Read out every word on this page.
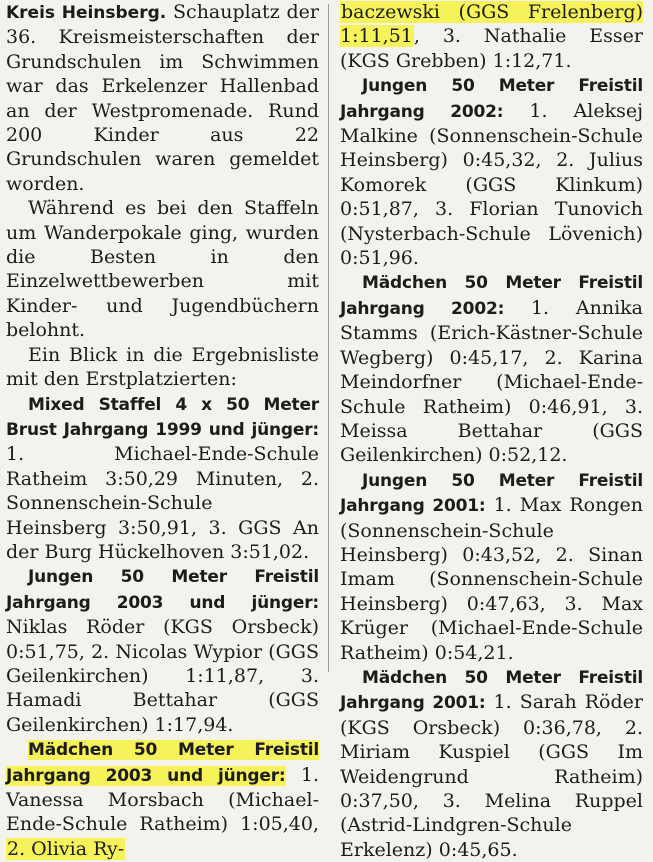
Kreis Heinsberg. Schauplatz der 36. Kreismeisterschaften der Grundschulen im Schwimmen war das Erkelenzer Hallenbad an der Westpromenade. Rund 200 Kinder aus 22 Grundschulen waren gemeldet worden.

Während es bei den Staffeln um Wanderpokale ging, wurden die Besten in den Einzelwettbewerben mit Kinder- und Jugendbüchern belohnt.

Ein Blick in die Ergebnisliste mit den Erstplatzierten:

Mixed Staffel 4 x 50 Meter Brust Jahrgang 1999 und jünger: 1. Michael-Ende-Schule Ratheim 3:50,29 Minuten, 2. Sonnenschein-Schule Heinsberg 3:50,91, 3. GGS An der Burg Hückelhoven 3:51,02.

Jungen 50 Meter Freistil Jahrgang 2003 und jünger: Niklas Röder (KGS Orsbeck) 0:51,75, 2. Nicolas Wypior (GGS Geilenkirchen) 1:11,87, 3. Hamadi Bettahar (GGS Geilenkirchen) 1:17,94.

Mädchen 50 Meter Freistil Jahrgang 2003 und jünger: 1. Vanessa Morsbach (Michael-Ende-Schule Ratheim) 1:05,40, 2. Olivia Ry-

baczewski (GGS Frelenberg) 1:11,51, 3. Nathalie Esser (KGS Grebben) 1:12,71.

Jungen 50 Meter Freistil Jahrgang 2002: 1. Aleksej Malkine (Sonnenschein-Schule Heinsberg) 0:45,32, 2. Julius Komorek (GGS Klinkum) 0:51,87, 3. Florian Tunovich (Nysterbach-Schule Lövenich) 0:51,96.

Mädchen 50 Meter Freistil Jahrgang 2002: 1. Annika Stamms (Erich-Kästner-Schule Wegberg) 0:45,17, 2. Karina Meindorfner (Michael-Ende-Schule Ratheim) 0:46,91, 3. Meissa Bettahar (GGS Geilenkirchen) 0:52,12.

Jungen 50 Meter Freistil Jahrgang 2001: 1. Max Rongen (Sonnenschein-Schule Heinsberg) 0:43,52, 2. Sinan Imam (Sonnenschein-Schule Heinsberg) 0:47,63, 3. Max Krüger (Michael-Ende-Schule Ratheim) 0:54,21.

Mädchen 50 Meter Freistil Jahrgang 2001: 1. Sarah Röder (KGS Orsbeck) 0:36,78, 2. Miriam Kuspiel (GGS Im Weidengrund Ratheim) 0:37,50, 3. Melina Ruppel (Astrid-Lindgren-Schule Erkelenz) 0:45,65.
